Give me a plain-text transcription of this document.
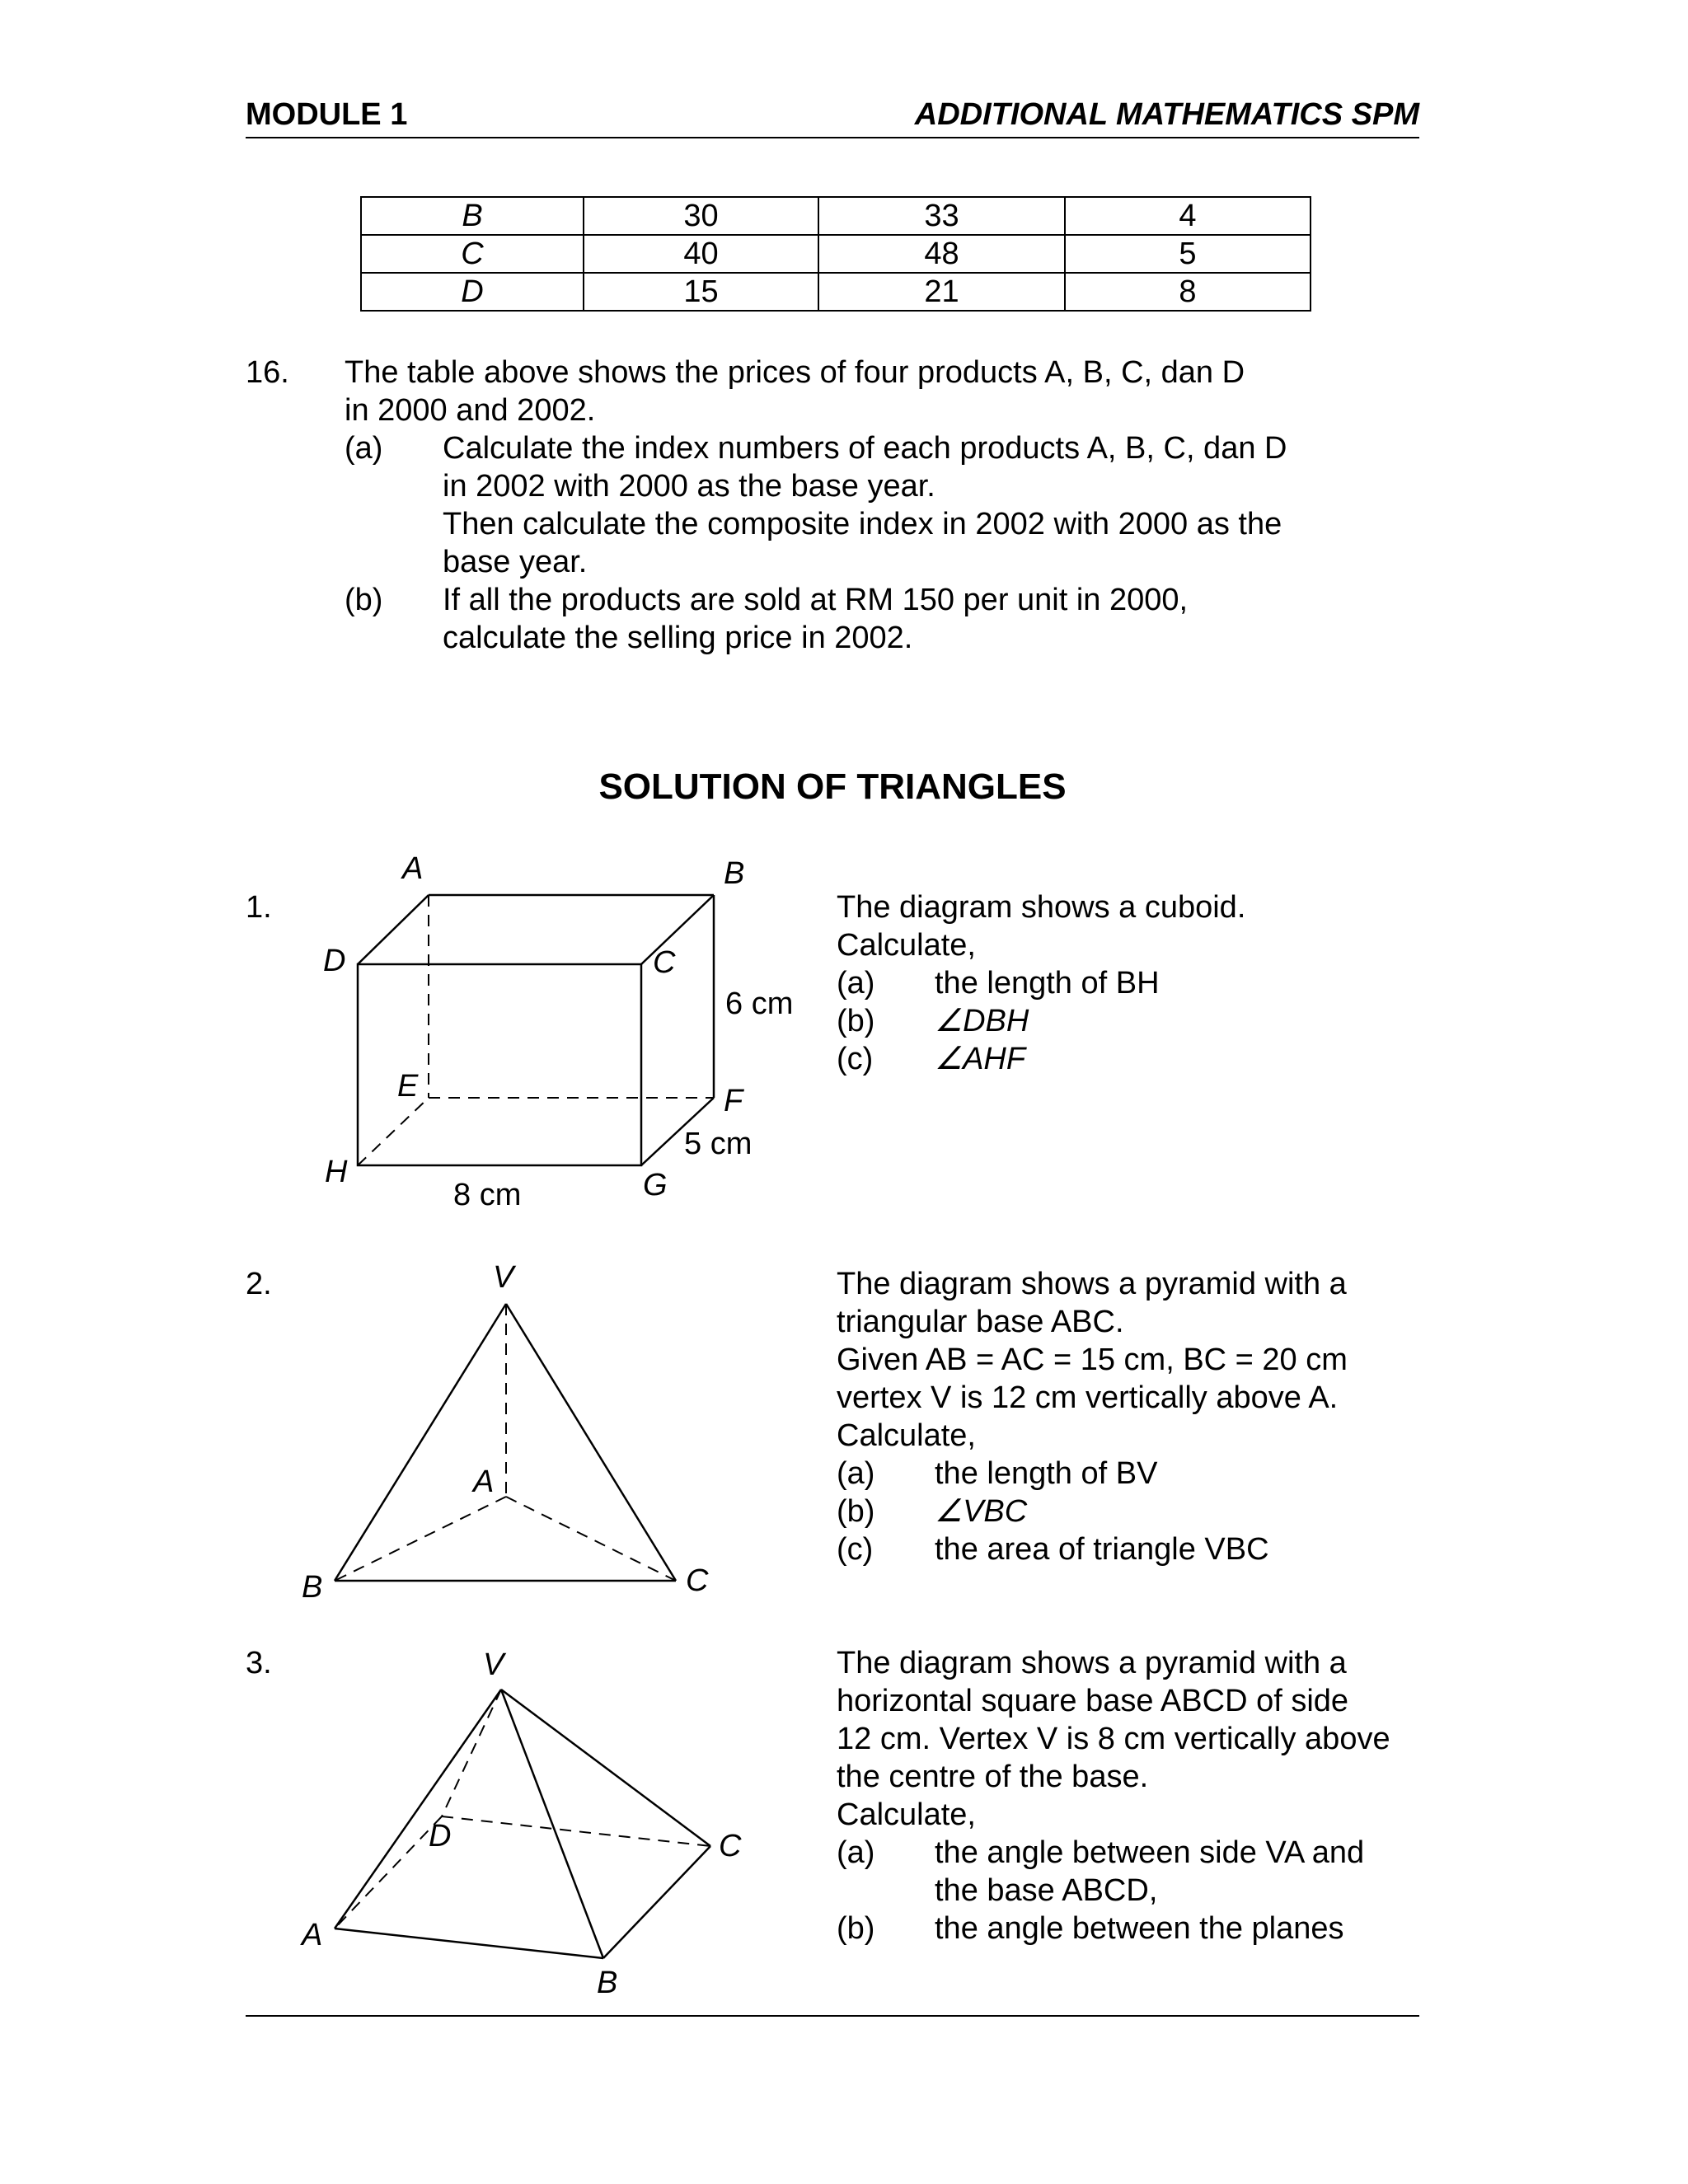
MODULE 1	ADDITIONAL MATHEMATICS SPM
B	30	33	4
C	40	48	5
D	15	21	8
16. The table above shows the prices of four products A, B, C, dan D
in 2000 and 2002.
(a) Calculate the index numbers of each products A, B, C, dan D
in 2002 with 2000 as the base year.
Then calculate the composite index in 2002 with 2000 as the
base year.
(b) If all the products are sold at RM 150 per unit in 2000,
calculate the selling price in 2002.
SOLUTION OF TRIANGLES
1.
A	B
C
D
E	F
G
H
6 cm
5 cm
8 cm
The diagram shows a cuboid.
Calculate,
(a) the length of BH
(b) ∠DBH
(c) ∠AHF
2.	V
A
B	C
The diagram shows a pyramid with a
triangular base ABC.
Given AB = AC = 15 cm, BC = 20 cm
vertex V is 12 cm vertically above A.
Calculate,
(a) the length of BV
(b) ∠VBC
(c) the area of triangle VBC
3.	V
A
B
C
D
The diagram shows a pyramid with a
horizontal square base ABCD of side
12 cm. Vertex V is 8 cm vertically above
the centre of the base.
Calculate,
(a) the angle between side VA and
the base ABCD,
(b) the angle between the planes
